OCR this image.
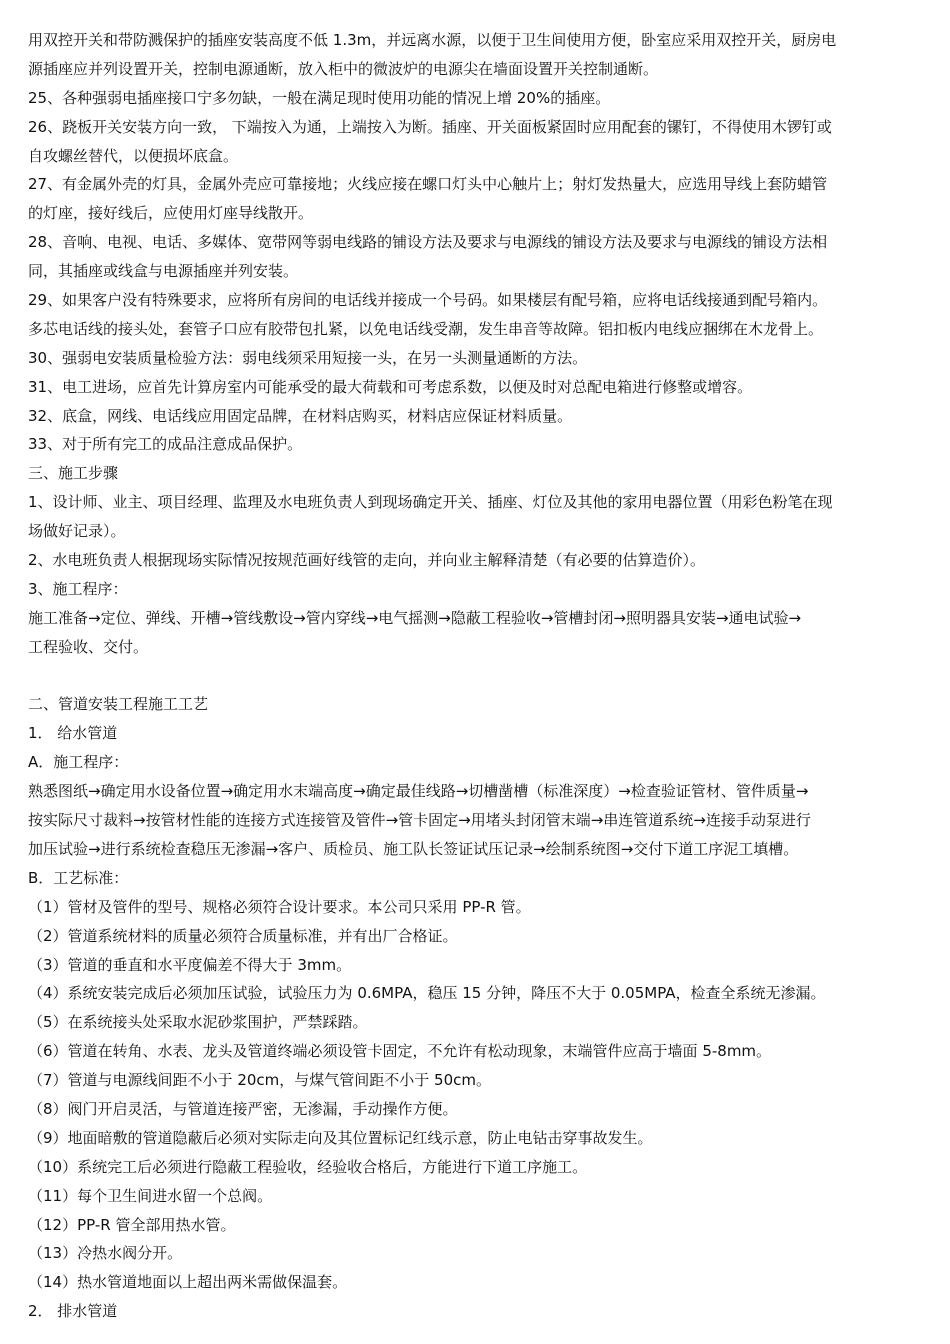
用双控开关和带防溅保护的插座安装高度不低 1.3m，并远离水源，以便于卫生间使用方便，卧室应采用双控开关，厨房电
源插座应并列设置开关，控制电源通断，放入柜中的微波炉的电源尖在墙面设置开关控制通断。
25、各种强弱电插座接口宁多勿缺，一般在满足现时使用功能的情况上增 20%的插座。
26、跷板开关安装方向一致， 下端按入为通，上端按入为断。插座、开关面板紧固时应用配套的镙钉，不得使用木锣钉或
自攻螺丝替代，以便损坏底盒。
27、有金属外壳的灯具，金属外壳应可靠接地；火线应接在螺口灯头中心触片上；射灯发热量大，应选用导线上套防蜡管
的灯座，接好线后，应使用灯座导线散开。
28、音响、电视、电话、多媒体、宽带网等弱电线路的铺设方法及要求与电源线的铺设方法及要求与电源线的铺设方法相
同，其插座或线盒与电源插座并列安装。
29、如果客户没有特殊要求，应将所有房间的电话线并接成一个号码。如果楼层有配号箱，应将电话线接通到配号箱内。
多芯电话线的接头处，套管子口应有胶带包扎紧，以免电话线受潮，发生串音等故障。铝扣板内电线应捆绑在木龙骨上。
30、强弱电安装质量检验方法：弱电线须采用短接一头，在另一头测量通断的方法。
31、电工进场，应首先计算房室内可能承受的最大荷载和可考虑系数，以便及时对总配电箱进行修整或增容。
32、底盒，网线、电话线应用固定品牌，在材料店购买，材料店应保证材料质量。
33、对于所有完工的成品注意成品保护。
三、施工步骤
1、设计师、业主、项目经理、监理及水电班负责人到现场确定开关、插座、灯位及其他的家用电器位置（用彩色粉笔在现
场做好记录）。
2、水电班负责人根据现场实际情况按规范画好线管的走向，并向业主解释清楚（有必要的估算造价）。
3、施工程序：
施工准备→定位、弹线、开槽→管线敷设→管内穿线→电气摇测→隐蔽工程验收→管槽封闭→照明器具安装→通电试验→
工程验收、交付。
二、管道安装工程施工工艺
1． 给水管道
A．施工程序：
熟悉图纸→确定用水设备位置→确定用水末端高度→确定最佳线路→切槽凿槽（标准深度）→检查验证管材、管件质量→
按实际尺寸裁料→按管材性能的连接方式连接管及管件→管卡固定→用堵头封闭管末端→串连管道系统→连接手动泵进行
加压试验→进行系统检查稳压无渗漏→客户、质检员、施工队长签证试压记录→绘制系统图→交付下道工序泥工填槽。
B．工艺标准：
（1）管材及管件的型号、规格必须符合设计要求。本公司只采用 PP-R 管。
（2）管道系统材料的质量必须符合质量标准，并有出厂合格证。
（3）管道的垂直和水平度偏差不得大于 3mm。
（4）系统安装完成后必须加压试验，试验压力为 0.6MPA，稳压 15 分钟，降压不大于 0.05MPA，检查全系统无渗漏。
（5）在系统接头处采取水泥砂浆围护，严禁踩踏。
（6）管道在转角、水表、龙头及管道终端必须设管卡固定，不允许有松动现象，末端管件应高于墙面 5-8mm。
（7）管道与电源线间距不小于 20cm，与煤气管间距不小于 50cm。
（8）阀门开启灵活，与管道连接严密，无渗漏，手动操作方便。
（9）地面暗敷的管道隐蔽后必须对实际走向及其位置标记红线示意，防止电钻击穿事故发生。
（10）系统完工后必须进行隐蔽工程验收，经验收合格后，方能进行下道工序施工。
（11）每个卫生间进水留一个总阀。
（12）PP-R 管全部用热水管。
（13）冷热水阀分开。
（14）热水管道地面以上超出两米需做保温套。
2． 排水管道
